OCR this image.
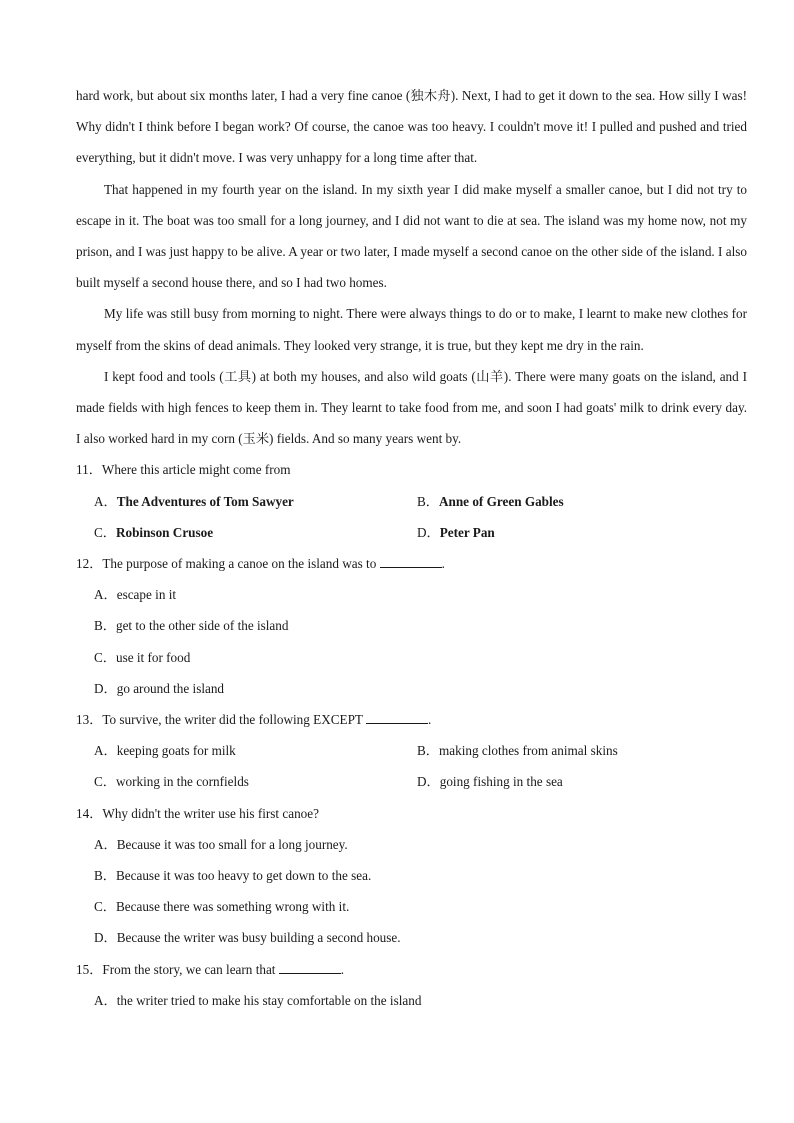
hard work, but about six months later, I had a very fine canoe (独木舟). Next, I had to get it down to the sea. How silly I was! Why didn't I think before I began work? Of course, the canoe was too heavy. I couldn't move it! I pulled and pushed and tried everything, but it didn't move. I was very unhappy for a long time after that.

That happened in my fourth year on the island. In my sixth year I did make myself a smaller canoe, but I did not try to escape in it. The boat was too small for a long journey, and I did not want to die at sea. The island was my home now, not my prison, and I was just happy to be alive. A year or two later, I made myself a second canoe on the other side of the island. I also built myself a second house there, and so I had two homes.

My life was still busy from morning to night. There were always things to do or to make, I learnt to make new clothes for myself from the skins of dead animals. They looked very strange, it is true, but they kept me dry in the rain.

I kept food and tools (工具) at both my houses, and also wild goats (山羊). There were many goats on the island, and I made fields with high fences to keep them in. They learnt to take food from me, and soon I had goats' milk to drink every day. I also worked hard in my corn (玉米) fields. And so many years went by.

11．Where this article might come from

A．The Adventures of Tom Sawyer	B．Anne of Green Gables
C．Robinson Crusoe	D．Peter Pan

12．The purpose of making a canoe on the island was to	.

A．escape in it
B．get to the other side of the island
C．use it for food
D．go around the island

13．To survive, the writer did the following EXCEPT	.

A．keeping goats for milk	B．making clothes from animal skins
C．working in the cornfields	D．going fishing in the sea

14．Why didn't the writer use his first canoe?

A．Because it was too small for a long journey.
B．Because it was too heavy to get down to the sea.
C．Because there was something wrong with it.
D．Because the writer was busy building a second house.

15．From the story, we can learn that	.

A．the writer tried to make his stay comfortable on the island
